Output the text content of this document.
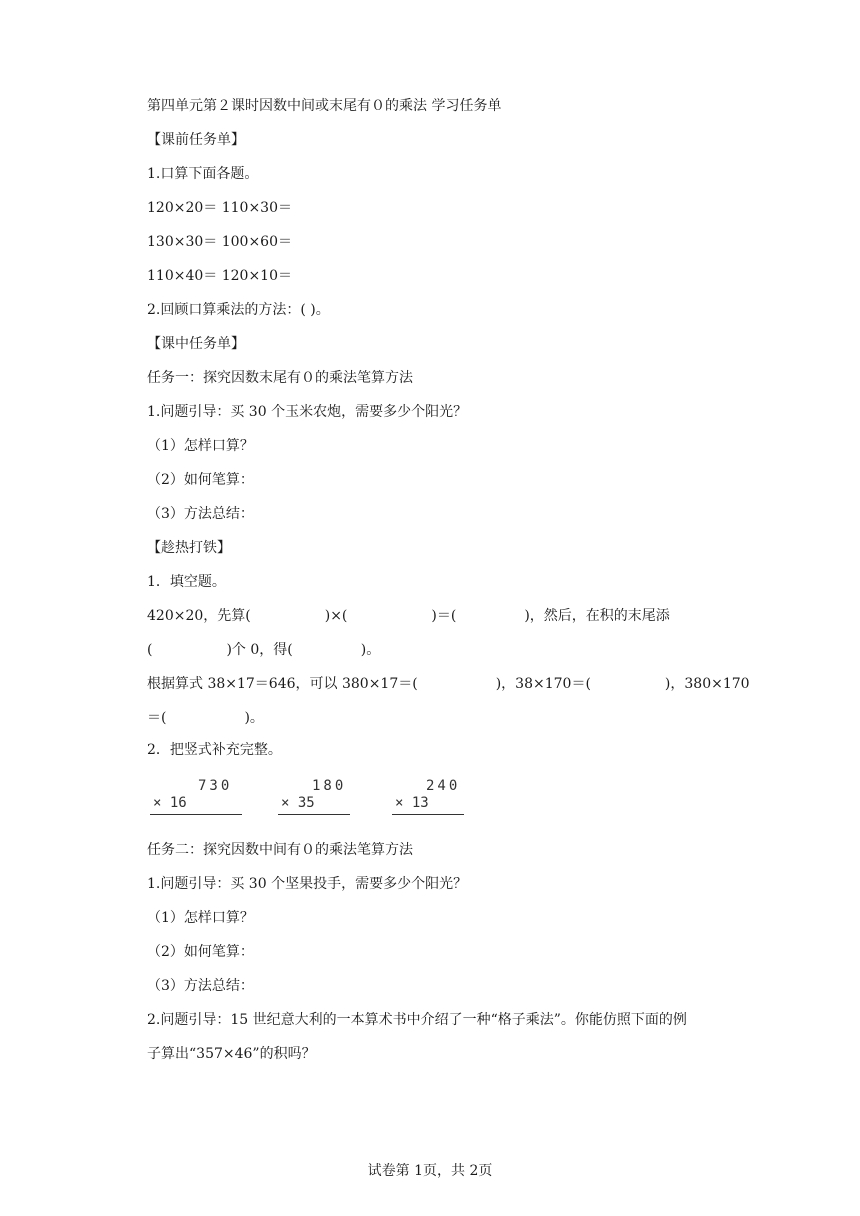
第四单元第２课时因数中间或末尾有０的乘法 学习任务单
【课前任务单】
1.口算下面各题。
120×20＝ 110×30＝
130×30＝ 100×60＝
110×40＝ 120×10＝
2.回顾口算乘法的方法：( )。
【课中任务单】
任务一：探究因数末尾有０的乘法笔算方法
1.问题引导：买 30 个玉米农炮，需要多少个阳光？
（1）怎样口算？
（2）如何笔算：
（3）方法总结：
【趁热打铁】
1．填空题。
420×20，先算(	)×(	)＝(	)，然后，在积的末尾添
(	)个 0，得(	)。
根据算式 38×17＝646，可以 380×17＝(	)，38×170＝(	)，380×170
＝(	)。
2．把竖式补充完整。
730
× 16
180
× 35
240
× 13
任务二：探究因数中间有０的乘法笔算方法
1.问题引导：买 30 个坚果投手，需要多少个阳光？
（1）怎样口算？
（2）如何笔算：
（3）方法总结：
2.问题引导：15 世纪意大利的一本算术书中介绍了一种“格子乘法”。你能仿照下面的例
子算出“357×46”的积吗？
试卷第 1页，共 2页
